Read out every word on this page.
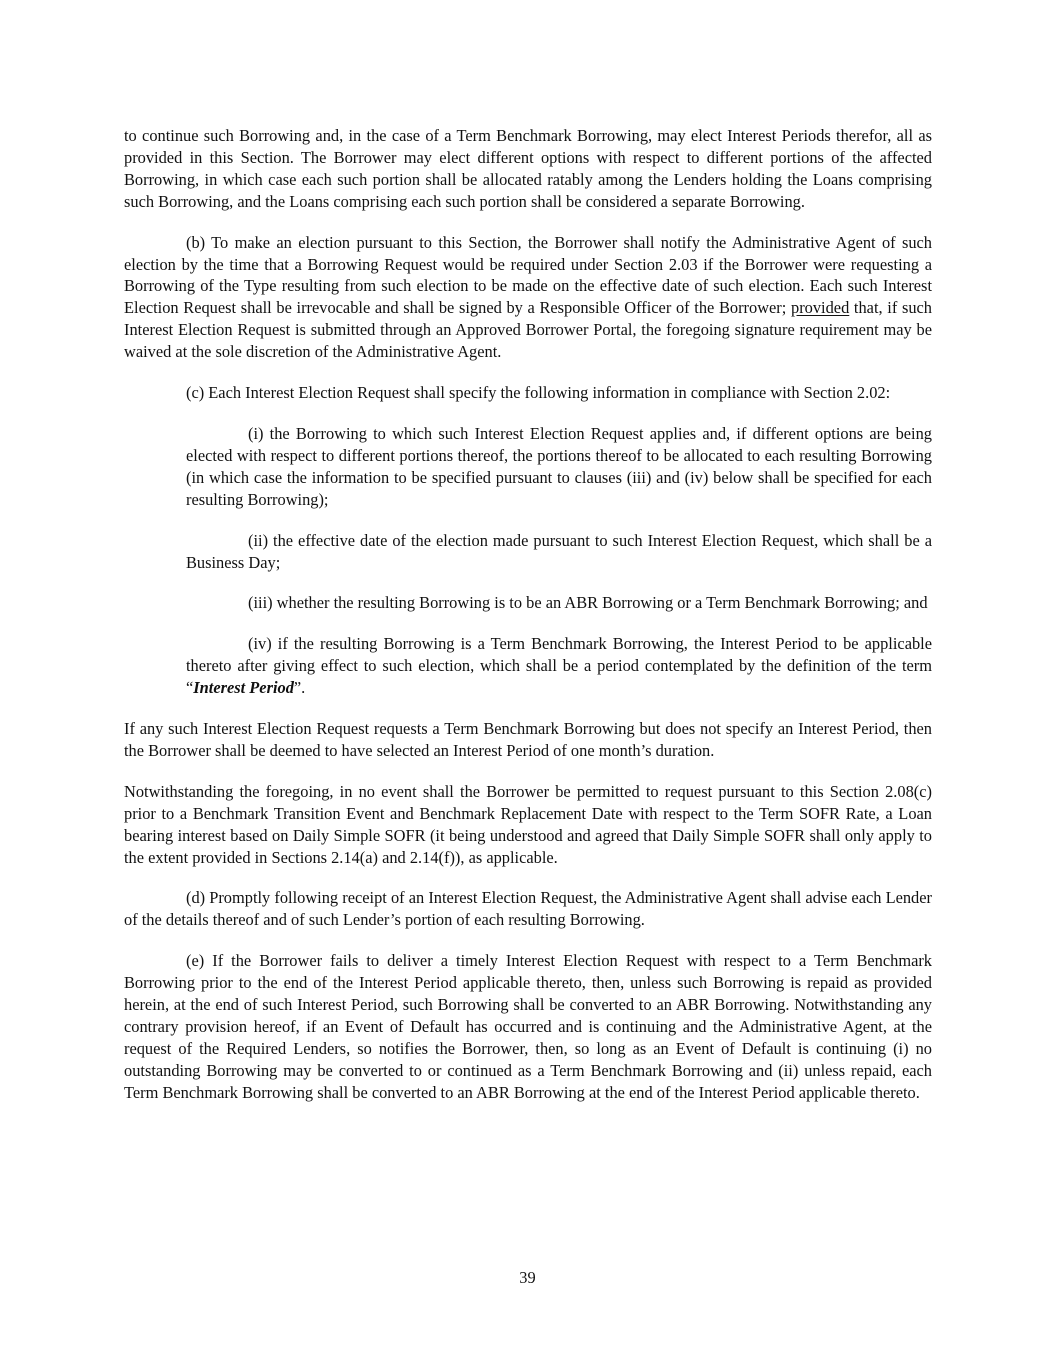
to continue such Borrowing and, in the case of a Term Benchmark Borrowing, may elect Interest Periods therefor, all as provided in this Section. The Borrower may elect different options with respect to different portions of the affected Borrowing, in which case each such portion shall be allocated ratably among the Lenders holding the Loans comprising such Borrowing, and the Loans comprising each such portion shall be considered a separate Borrowing.

(b) To make an election pursuant to this Section, the Borrower shall notify the Administrative Agent of such election by the time that a Borrowing Request would be required under Section 2.03 if the Borrower were requesting a Borrowing of the Type resulting from such election to be made on the effective date of such election. Each such Interest Election Request shall be irrevocable and shall be signed by a Responsible Officer of the Borrower; provided that, if such Interest Election Request is submitted through an Approved Borrower Portal, the foregoing signature requirement may be waived at the sole discretion of the Administrative Agent.

(c) Each Interest Election Request shall specify the following information in compliance with Section 2.02:

(i) the Borrowing to which such Interest Election Request applies and, if different options are being elected with respect to different portions thereof, the portions thereof to be allocated to each resulting Borrowing (in which case the information to be specified pursuant to clauses (iii) and (iv) below shall be specified for each resulting Borrowing);

(ii) the effective date of the election made pursuant to such Interest Election Request, which shall be a Business Day;

(iii) whether the resulting Borrowing is to be an ABR Borrowing or a Term Benchmark Borrowing; and

(iv) if the resulting Borrowing is a Term Benchmark Borrowing, the Interest Period to be applicable thereto after giving effect to such election, which shall be a period contemplated by the definition of the term “Interest Period”.

If any such Interest Election Request requests a Term Benchmark Borrowing but does not specify an Interest Period, then the Borrower shall be deemed to have selected an Interest Period of one month’s duration.

Notwithstanding the foregoing, in no event shall the Borrower be permitted to request pursuant to this Section 2.08(c) prior to a Benchmark Transition Event and Benchmark Replacement Date with respect to the Term SOFR Rate, a Loan bearing interest based on Daily Simple SOFR (it being understood and agreed that Daily Simple SOFR shall only apply to the extent provided in Sections 2.14(a) and 2.14(f)), as applicable.

(d) Promptly following receipt of an Interest Election Request, the Administrative Agent shall advise each Lender of the details thereof and of such Lender’s portion of each resulting Borrowing.

(e) If the Borrower fails to deliver a timely Interest Election Request with respect to a Term Benchmark Borrowing prior to the end of the Interest Period applicable thereto, then, unless such Borrowing is repaid as provided herein, at the end of such Interest Period, such Borrowing shall be converted to an ABR Borrowing. Notwithstanding any contrary provision hereof, if an Event of Default has occurred and is continuing and the Administrative Agent, at the request of the Required Lenders, so notifies the Borrower, then, so long as an Event of Default is continuing (i) no outstanding Borrowing may be converted to or continued as a Term Benchmark Borrowing and (ii) unless repaid, each Term Benchmark Borrowing shall be converted to an ABR Borrowing at the end of the Interest Period applicable thereto.

39
